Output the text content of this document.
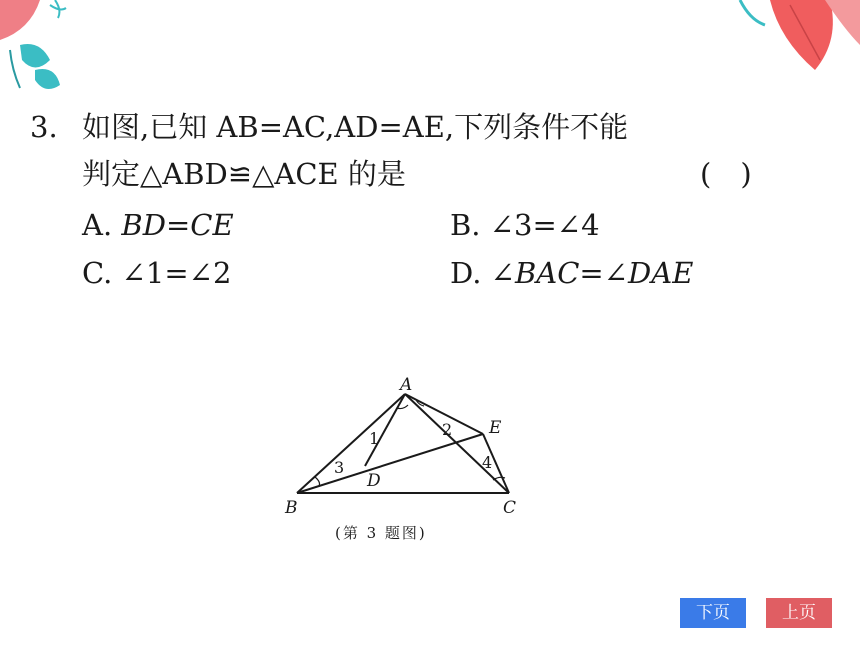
3. 如图,已知 AB=AC,AD=AE,下列条件不能
判定△ABD≌△ACE 的是	(　)
A. BD=CE	B. ∠3=∠4
C. ∠1=∠2	D. ∠BAC=∠DAE
A
B	C
D
E
1	2
3	4
(第 3 题图)
下页	上页
